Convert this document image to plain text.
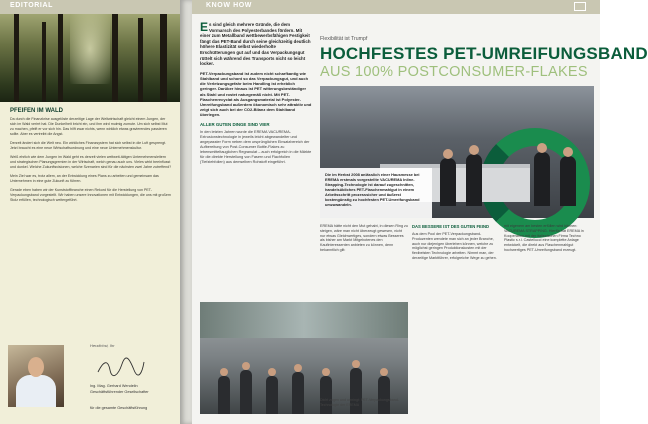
EDITORIAL
PFEIFEN IM WALD

Da durch die Finanzkrise ausgelöste derzeitige Lage der Weltwirtschaft gleicht einem Jungen, der sich im Wald verirrt hat. Die Dunkelheit bricht ein, und ihm wird mulmig zumute. Um sich selbst Mut zu machen, pfeift er vor sich hin. Das hilft zwar nichts, wenn wirklich etwas gravierendes passieren sollte. Aber es vertreibt die Angst.

Derzeit ändert sich die Welt neu. Ein wirkliches Finanzsystem hat sich selbst in die Luft gesprengt. Jetzt braucht es eine neue Wirtschaftsordnung und eine neue Unternehmenskultur.

Weiß ehrlich wie dem Jungen im Wald geht es derzeit vielen weltweit-tätigen Unternehmensleitern und strategischen Planungsgremien in der Wirtschaft, welch genau auch uns. Vieles wirkt beeinflusst und dunkel. Welche Zukunftsvisionen, welche Szenarien sind für die nächsten zwei Jahre zutreffend?

Mein Ziel war es, trotz allem, an der Entwicklung eines Plans zu arbeiten und gemeinsam das Unternehmen in eine gute Zukunft zu führen.

Gerade eben haben wir der Kunststoffbranche einen Rekord für die Herstellung von PET-Verpackungsband vorgestellt. Wir haben unsere Innovationen mit Entwicklungen, die uns mit großem Stolz erfüllen, technologisch weitergeführt.

Herzlichst, Ihr
Ing. Mag. Gerhard Wendelin
Geschäftsführender Gesellschafter
für die gesamte Geschäftsführung
KNOW HOW

Es sind gleich mehrere Gründe, die dem Vormarsch des Polyesterbandes fördern. Mit einer zum Metallband wettbewerbsfähigen Festigkeit fängt das PET-Band durch seine gleichzeitig deutlich höhere Elastizität selbst wiederholte Erschütterungen gut auf und das Verpackungsgut rüttelt sich während des Transports nicht so leicht locker.

PET-Verpackungsband ist zudem nicht scharfkantig wie Stahlband und schont so das Verpackungsgut, und auch die Verletzungsgefahr beim Handling ist erheblich geringer. Darüber hinaus ist PET witterungsbeständiger als Stahl und rostet naturgemäß nicht. Mit PET-Flaschenrecyclat als Ausgangsmaterial ist Polyester-Umreifungsband außerdem ökonomisch sehr attraktiv und zeigt sich auch bei der CO2-Bilanz dem Stahlband überlegen.

ALLER GUTEN DINGE SIND VIER

In den letzten Jahren wurde die EREMA VACUREMA-Extrusionstechnologie in jeweils leicht abgewandelter und angepasster Form neben dem ursprünglichen Einsatzbereich der Aufbereitung von Post-Consumer Bottle-Flakes zu lebensmitteltauglichen Regranulat – auch erfolgreich in die Märkte für die direkte Herstellung von Fasern und Flachfolien (Tiefziehfolien) aus demselben Rohstoff eingeführt.

Flexibilität ist Trumpf
HOCHFESTES PET-UMREIFUNGSBAND
AUS 100% POSTCONSUMER-FLAKES

Die im Herbst 2008 anlässlich einer Hausmesse bei EREMA erstmals vorgestellte VACUREMA Inline-Strapping-Technologie ist darauf zugeschnitten, handelsübliches PET-Flaschenmahlgut in einem Arbeitsschritt prozesssicher und äußerst kostengünstig zu hochfesten PET-Umreifungsband umzuwandeln.

EREMA hätte nicht den Mut gehabt, in diesen Ring zu steigen, wäre man nicht überzeugt gewesen, nicht nur etwas Gleichwertiges, sondern etwas Besseres als bisher am Markt Mitgebotenes den Kaufinteressenten anbieten zu können, denn bekanntlich gilt:

DAS BESSERE IST DES GUTEN FEIND

Aus dem Pool der PET-Verpackungsband-Produzenten wendete man sich an jeder Branche, auch nur diejenigen überleben können, welche zu möglichst geringen Produktionskosten mit der flexibelsten Technologie arbeiten. Nimmt man, der derzeitige Marktführer, erfolgreiche Wege zu gehen.

mit eigenem am besten erfüllen wird können: VACUREMA STRAPPING. Hierfür hat EREMA in Kooperation mit der italienischen Firma Techno Plastic s.r.l. Castellucci eine komplette Anlage entwickelt, die direkt aus Flaschenmahlgut hochwertiges PET-Umreifungsband erzeugt.

Dicht zogen und umringt: PET-Verpackungsband-Technologie der EREMA
